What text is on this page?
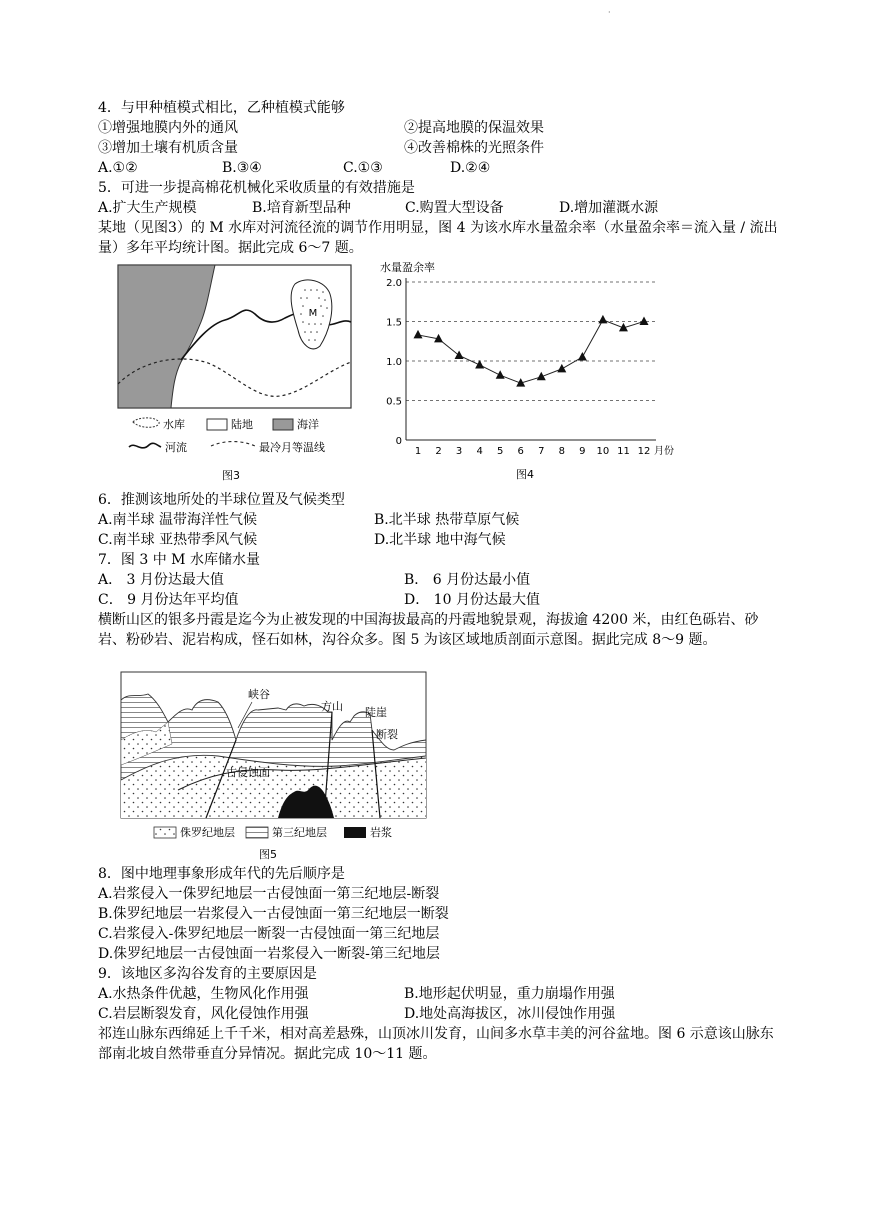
·
4．与甲种植模式相比，乙种植模式能够
①增强地膜内外的通风	②提高地膜的保温效果
③增加土壤有机质含量	④改善棉株的光照条件
A.①②	B.③④	C.①③	D.②④
5．可进一步提高棉花机械化采收质量的有效措施是
A.扩大生产规模	B.培育新型品种	C.购置大型设备	D.增加灌溉水源
某地（见图3）的 M 水库对河流径流的调节作用明显，图 4 为该水库水量盈余率（水量盈余率＝流入量 / 流出量）多年平均统计图。据此完成 6～7 题。
M
水库	陆地	海洋
河流	最冷月等温线
图3
水量盈余率
0
0.5
1.0
1.5
2.0
1 2 3 4 5 6 7 8 9 10 11 12 月份
图4
6．推测该地所处的半球位置及气候类型
A.南半球 温带海洋性气候	B.北半球 热带草原气候
C.南半球 亚热带季风气候	D.北半球 地中海气候
7．图 3 中 M 水库储水量
A． 3 月份达最大值	B． 6 月份达最小值
C． 9 月份达年平均值	D． 10 月份达最大值
横断山区的银多丹霞是迄今为止被发现的中国海拔最高的丹霞地貌景观，海拔逾 4200 米，由红色砾岩、砂岩、粉砂岩、泥岩构成，怪石如林，沟谷众多。图 5 为该区域地质剖面示意图。据此完成 8～9 题。
峡谷
方山 陡崖
断裂
古侵蚀面
侏罗纪地层	第三纪地层	岩浆
图5
8．图中地理事象形成年代的先后顺序是
A.岩浆侵入一侏罗纪地层一古侵蚀面一第三纪地层-断裂
B.侏罗纪地层一岩浆侵入一古侵蚀面一第三纪地层一断裂
C.岩浆侵入-侏罗纪地层一断裂一古侵蚀面一第三纪地层
D.侏罗纪地层一古侵蚀面一岩浆侵入一断裂-第三纪地层
9．该地区多沟谷发育的主要原因是
A.水热条件优越，生物风化作用强	B.地形起伏明显，重力崩塌作用强
C.岩层断裂发育，风化侵蚀作用强	D.地处高海拔区，冰川侵蚀作用强
祁连山脉东西绵延上千千米，相对高差悬殊，山顶冰川发育，山间多水草丰美的河谷盆地。图 6 示意该山脉东部南北坡自然带垂直分异情况。据此完成 10～11 题。
